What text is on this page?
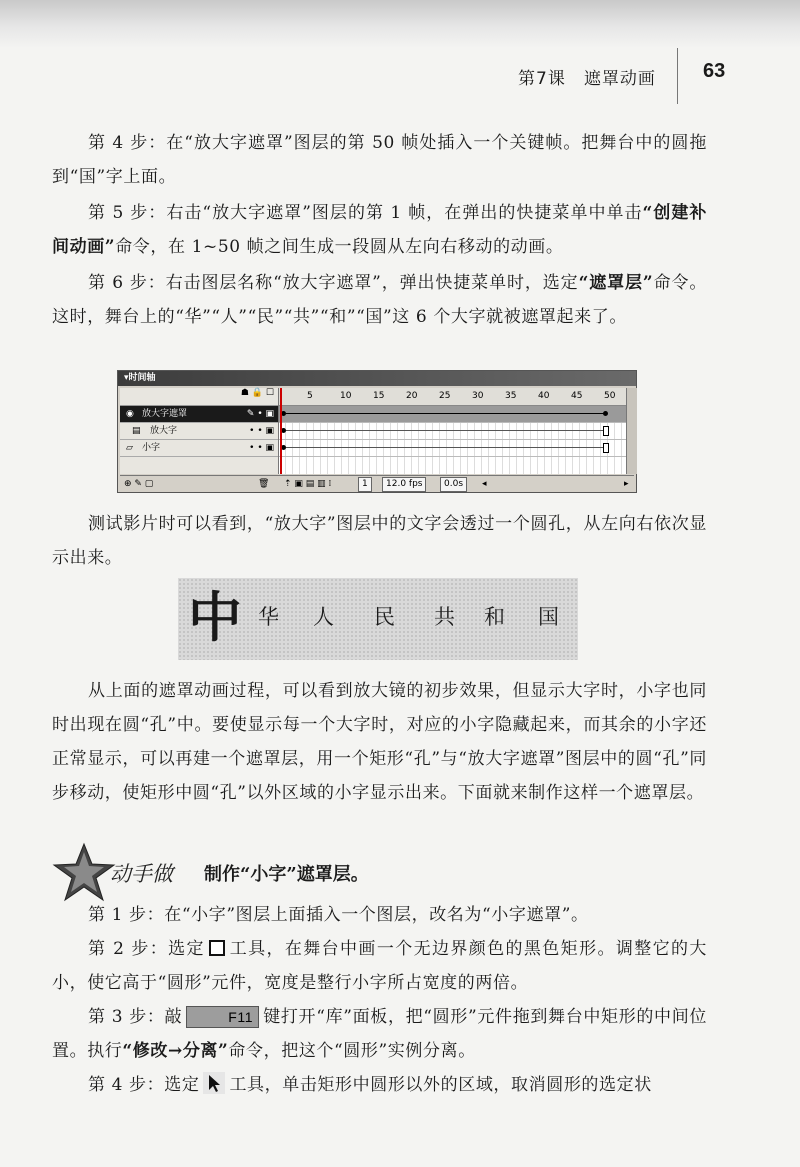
第7课　遮罩动画 63
第 4 步：在“放大字遮罩”图层的第 50 帧处插入一个关键帧。把舞台中的圆拖到“国”字上面。
第 5 步：右击“放大字遮罩”图层的第 1 帧，在弹出的快捷菜单中单击“创建补间动画”命令，在 1~50 帧之间生成一段圆从左向右移动的动画。
第 6 步：右击图层名称“放大字遮罩”，弹出快捷菜单时，选定“遮罩层”命令。这时，舞台上的“华”“人”“民”“共”“和”“国”这 6 个大字就被遮罩起来了。
▾时间轴
☗ 🔒 ☐
◉ 放大字遮罩	✎ • ▣
▤ 放大字	• • ▣
▱ 小字	• • ▣
5	10 15 20 25 30 35 40 45 50
⊕ ✎ ▢	🗑 ⇡ ▣ ▤ ▥ ⁞	1	12.0 fps	0.0s	◂	▸
测试影片时可以看到，“放大字”图层中的文字会透过一个圆孔，从左向右依次显示出来。
中 华 人 民 共 和 国
从上面的遮罩动画过程，可以看到放大镜的初步效果，但显示大字时，小字也同时出现在圆“孔”中。要使显示每一个大字时，对应的小字隐藏起来，而其余的小字还正常显示，可以再建一个遮罩层，用一个矩形“孔”与“放大字遮罩”图层中的圆“孔”同步移动，使矩形中圆“孔”以外区域的小字显示出来。下面就来制作这样一个遮罩层。
动手做 制作“小字”遮罩层。
第 1 步：在“小字”图层上面插入一个图层，改名为“小字遮罩”。
第 2 步：选定 工具，在舞台中画一个无边界颜色的黑色矩形。调整它的大小，使它高于“圆形”元件，宽度是整行小字所占宽度的两倍。
第 3 步：敲	F11 键打开“库”面板，把“圆形”元件拖到舞台中矩形的中间位置。执行“修改→分离”命令，把这个“圆形”实例分离。
第 4 步：选定 工具，单击矩形中圆形以外的区域，取消圆形的选定状
